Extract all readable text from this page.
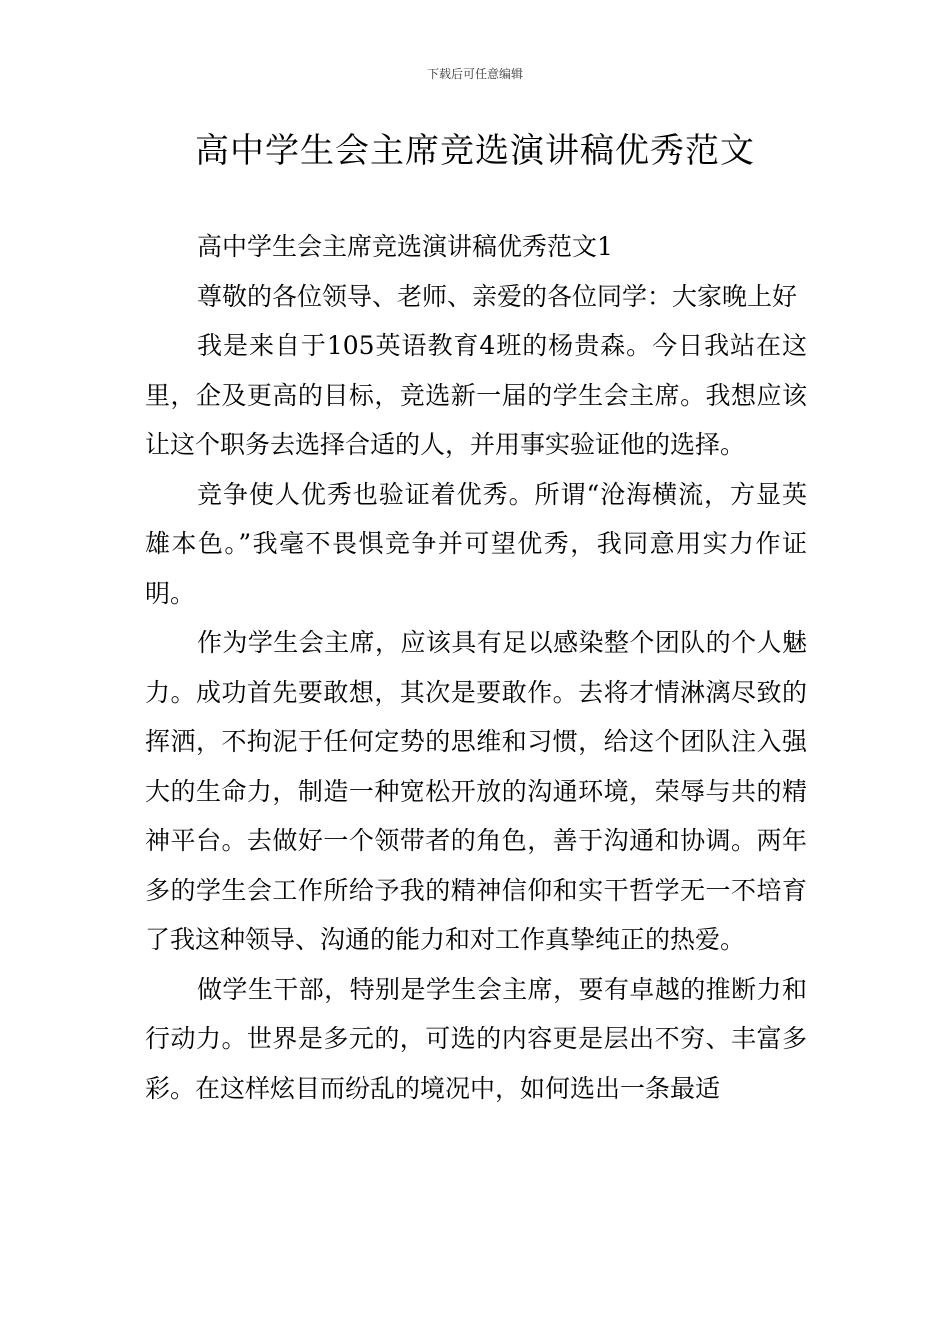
下载后可任意编辑
高中学生会主席竞选演讲稿优秀范文

高中学生会主席竞选演讲稿优秀范文1

尊敬的各位领导、老师、亲爱的各位同学：大家晚上好

我是来自于105英语教育4班的杨贵森。今日我站在这里，企及更高的目标，竞选新一届的学生会主席。我想应该让这个职务去选择合适的人，并用事实验证他的选择。

竞争使人优秀也验证着优秀。所谓“沧海横流，方显英雄本色。”我毫不畏惧竞争并可望优秀，我同意用实力作证明。

作为学生会主席，应该具有足以感染整个团队的个人魅力。成功首先要敢想，其次是要敢作。去将才情淋漓尽致的挥洒，不拘泥于任何定势的思维和习惯，给这个团队注入强大的生命力，制造一种宽松开放的沟通环境，荣辱与共的精神平台。去做好一个领带者的角色，善于沟通和协调。两年多的学生会工作所给予我的精神信仰和实干哲学无一不培育了我这种领导、沟通的能力和对工作真挚纯正的热爱。

做学生干部，特别是学生会主席，要有卓越的推断力和行动力。世界是多元的，可选的内容更是层出不穷、丰富多彩。在这样炫目而纷乱的境况中，如何选出一条最适
